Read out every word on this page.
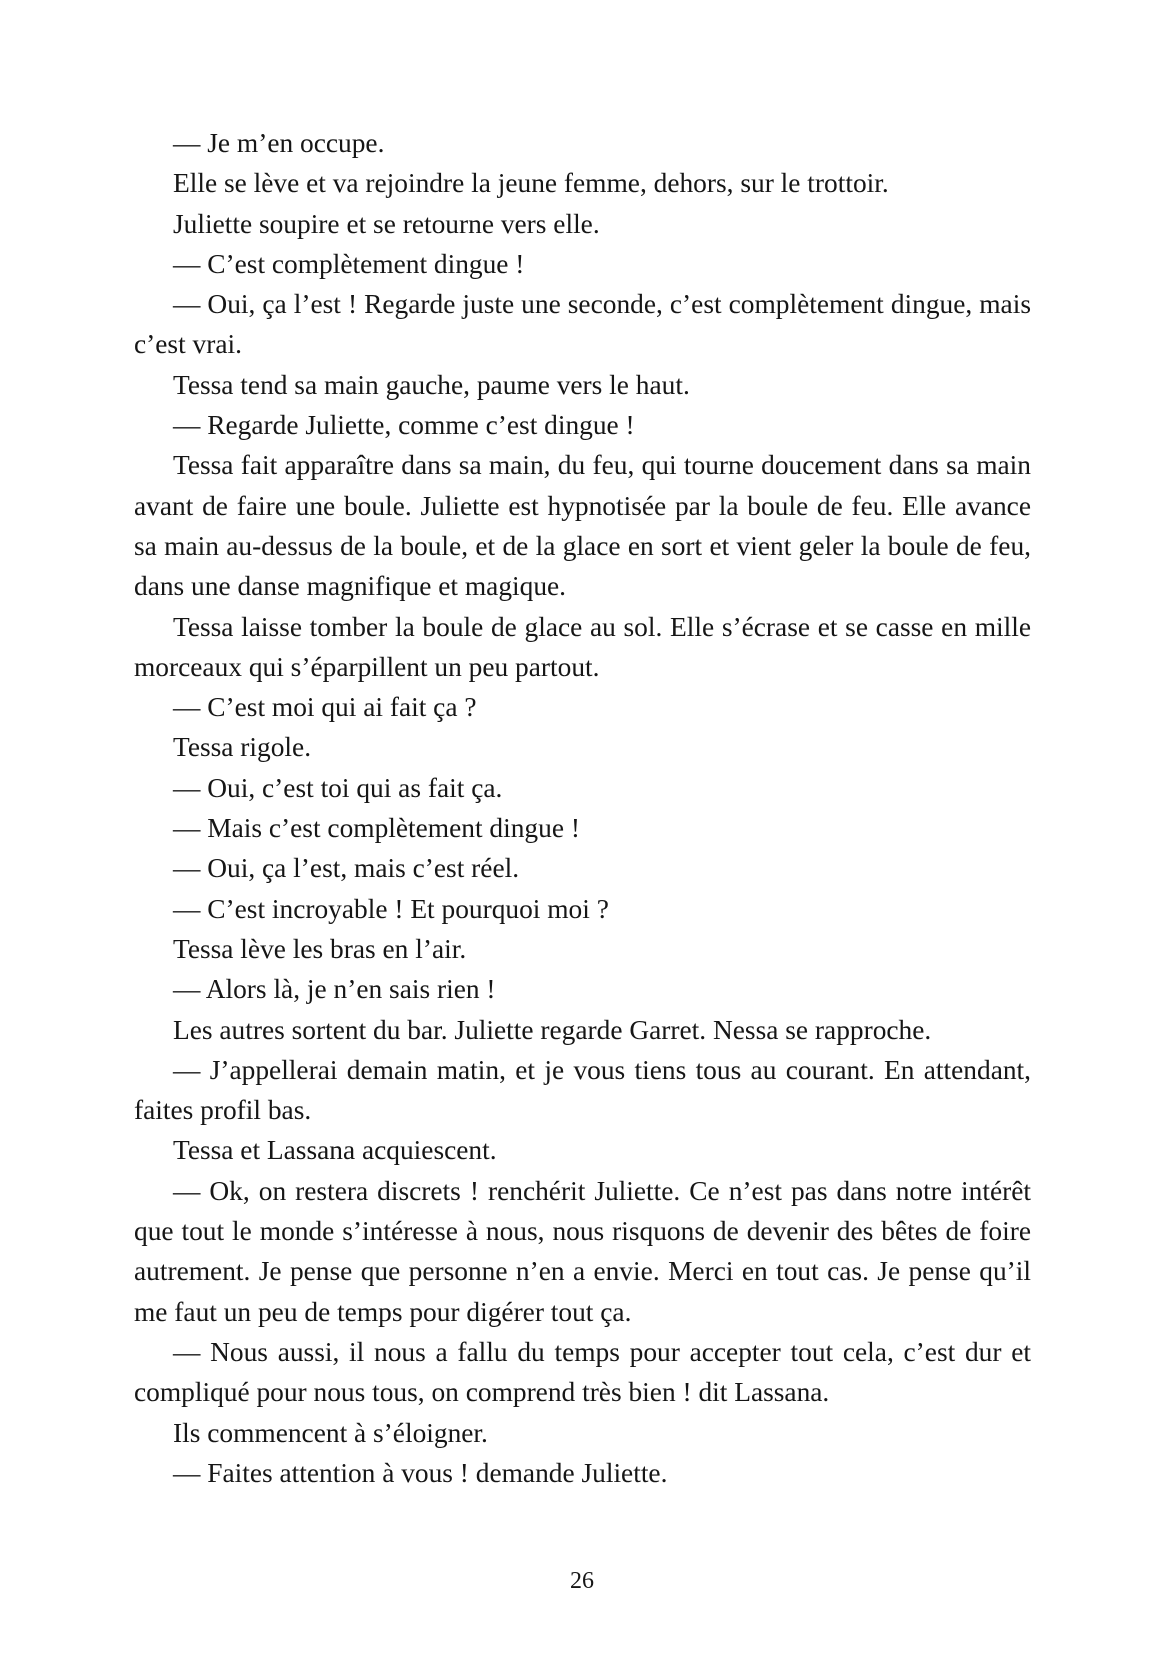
— Je m’en occupe.

Elle se lève et va rejoindre la jeune femme, dehors, sur le trottoir.

Juliette soupire et se retourne vers elle.

— C’est complètement dingue !

— Oui, ça l’est ! Regarde juste une seconde, c’est complètement dingue, mais c’est vrai.

Tessa tend sa main gauche, paume vers le haut.

— Regarde Juliette, comme c’est dingue !

Tessa fait apparaître dans sa main, du feu, qui tourne doucement dans sa main avant de faire une boule. Juliette est hypnotisée par la boule de feu. Elle avance sa main au-dessus de la boule, et de la glace en sort et vient geler la boule de feu, dans une danse magnifique et magique.

Tessa laisse tomber la boule de glace au sol. Elle s’écrase et se casse en mille morceaux qui s’éparpillent un peu partout.

— C’est moi qui ai fait ça ?

Tessa rigole.

— Oui, c’est toi qui as fait ça.

— Mais c’est complètement dingue !

— Oui, ça l’est, mais c’est réel.

— C’est incroyable ! Et pourquoi moi ?

Tessa lève les bras en l’air.

— Alors là, je n’en sais rien !

Les autres sortent du bar. Juliette regarde Garret. Nessa se rapproche.

— J’appellerai demain matin, et je vous tiens tous au courant. En attendant, faites profil bas.

Tessa et Lassana acquiescent.

— Ok, on restera discrets ! renchérit Juliette. Ce n’est pas dans notre intérêt que tout le monde s’intéresse à nous, nous risquons de devenir des bêtes de foire autrement. Je pense que personne n’en a envie. Merci en tout cas. Je pense qu’il me faut un peu de temps pour digérer tout ça.

— Nous aussi, il nous a fallu du temps pour accepter tout cela, c’est dur et compliqué pour nous tous, on comprend très bien ! dit Lassana.

Ils commencent à s’éloigner.

— Faites attention à vous ! demande Juliette.

26
